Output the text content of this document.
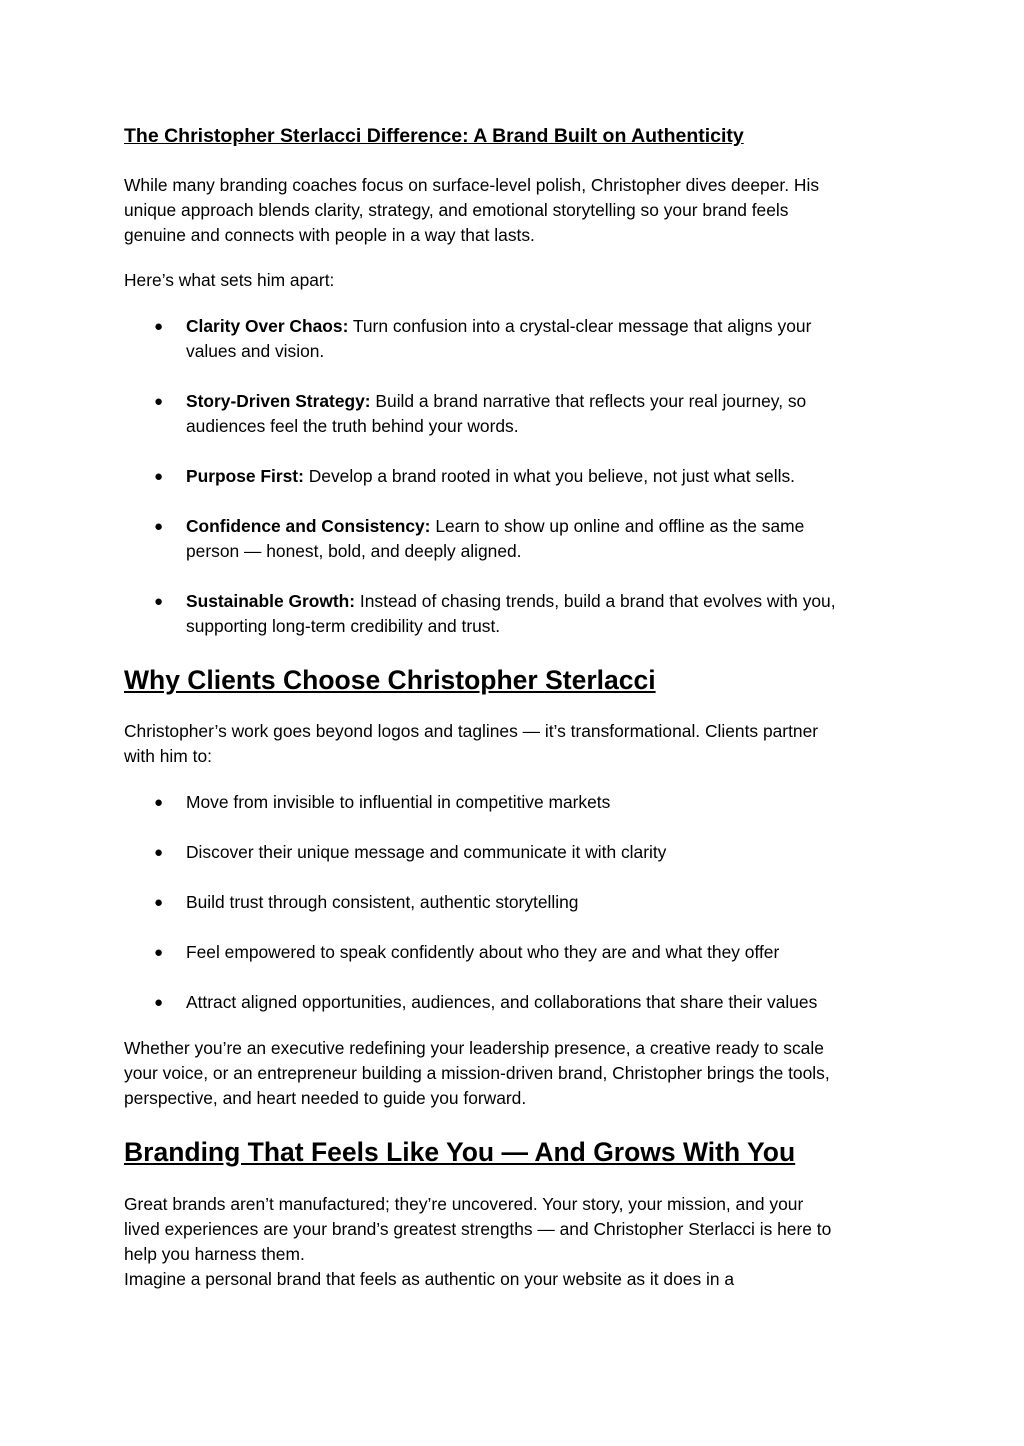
The Christopher Sterlacci Difference: A Brand Built on Authenticity

While many branding coaches focus on surface-level polish, Christopher dives deeper. His
unique approach blends clarity, strategy, and emotional storytelling so your brand feels
genuine and connects with people in a way that lasts.

Here’s what sets him apart:

● Clarity Over Chaos: Turn confusion into a crystal-clear message that aligns your
values and vision.
● Story-Driven Strategy: Build a brand narrative that reflects your real journey, so
audiences feel the truth behind your words.
● Purpose First: Develop a brand rooted in what you believe, not just what sells.
● Confidence and Consistency: Learn to show up online and offline as the same
person — honest, bold, and deeply aligned.
● Sustainable Growth: Instead of chasing trends, build a brand that evolves with you,
supporting long-term credibility and trust.
Why Clients Choose Christopher Sterlacci

Christopher’s work goes beyond logos and taglines — it’s transformational. Clients partner
with him to:

● Move from invisible to influential in competitive markets
● Discover their unique message and communicate it with clarity
● Build trust through consistent, authentic storytelling
● Feel empowered to speak confidently about who they are and what they offer
● Attract aligned opportunities, audiences, and collaborations that share their values

Whether you’re an executive redefining your leadership presence, a creative ready to scale
your voice, or an entrepreneur building a mission-driven brand, Christopher brings the tools,
perspective, and heart needed to guide you forward.

Branding That Feels Like You — And Grows With You

Great brands aren’t manufactured; they’re uncovered. Your story, your mission, and your
lived experiences are your brand’s greatest strengths — and Christopher Sterlacci is here to
help you harness them.
Imagine a personal brand that feels as authentic on your website as it does in a
